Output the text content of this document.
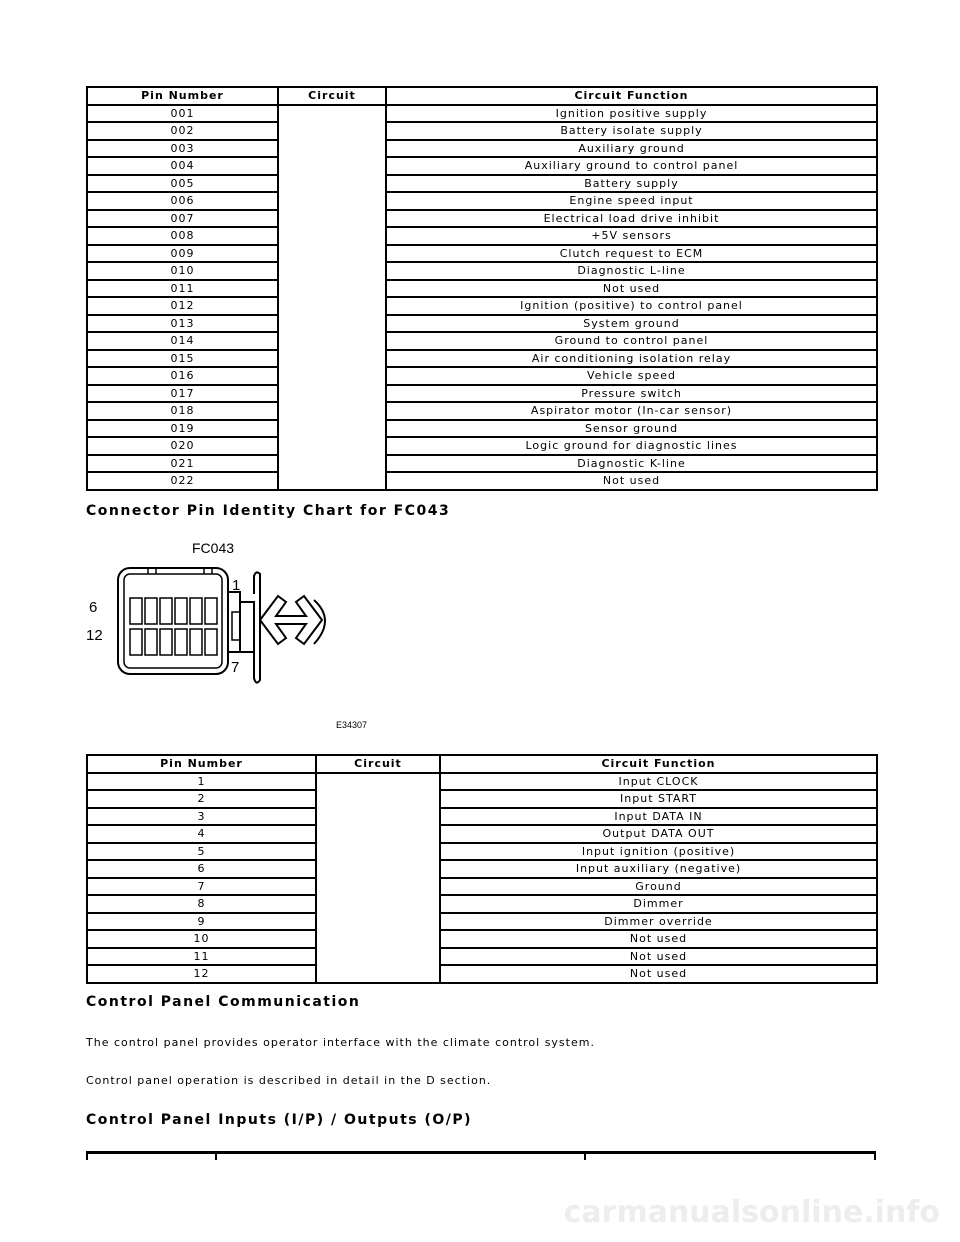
Pin Number	Circuit	Circuit Function
001		Ignition positive supply
002		Battery isolate supply
003		Auxiliary ground
004		Auxiliary ground to control panel
005		Battery supply
006		Engine speed input
007		Electrical load drive inhibit
008		+5V sensors
009		Clutch request to ECM
010		Diagnostic L-line
011		Not used
012		Ignition (positive) to control panel
013		System ground
014		Ground to control panel
015		Air conditioning isolation relay
016		Vehicle speed
017		Pressure switch
018		Aspirator motor (In-car sensor)
019		Sensor ground
020		Logic ground for diagnostic lines
021		Diagnostic K-line
022		Not used
Connector Pin Identity Chart for FC043
FC043
1
6
12
7
E34307
Pin Number	Circuit	Circuit Function
1		Input CLOCK
2		Input START
3		Input DATA IN
4		Output DATA OUT
5		Input ignition (positive)
6		Input auxiliary (negative)
7		Ground
8		Dimmer
9		Dimmer override
10		Not used
11		Not used
12		Not used
Control Panel Communication

The control panel provides operator interface with the climate control system.

Control panel operation is described in detail in the D section.

Control Panel Inputs (I/P) / Outputs (O/P)
carmanualsonline.info
